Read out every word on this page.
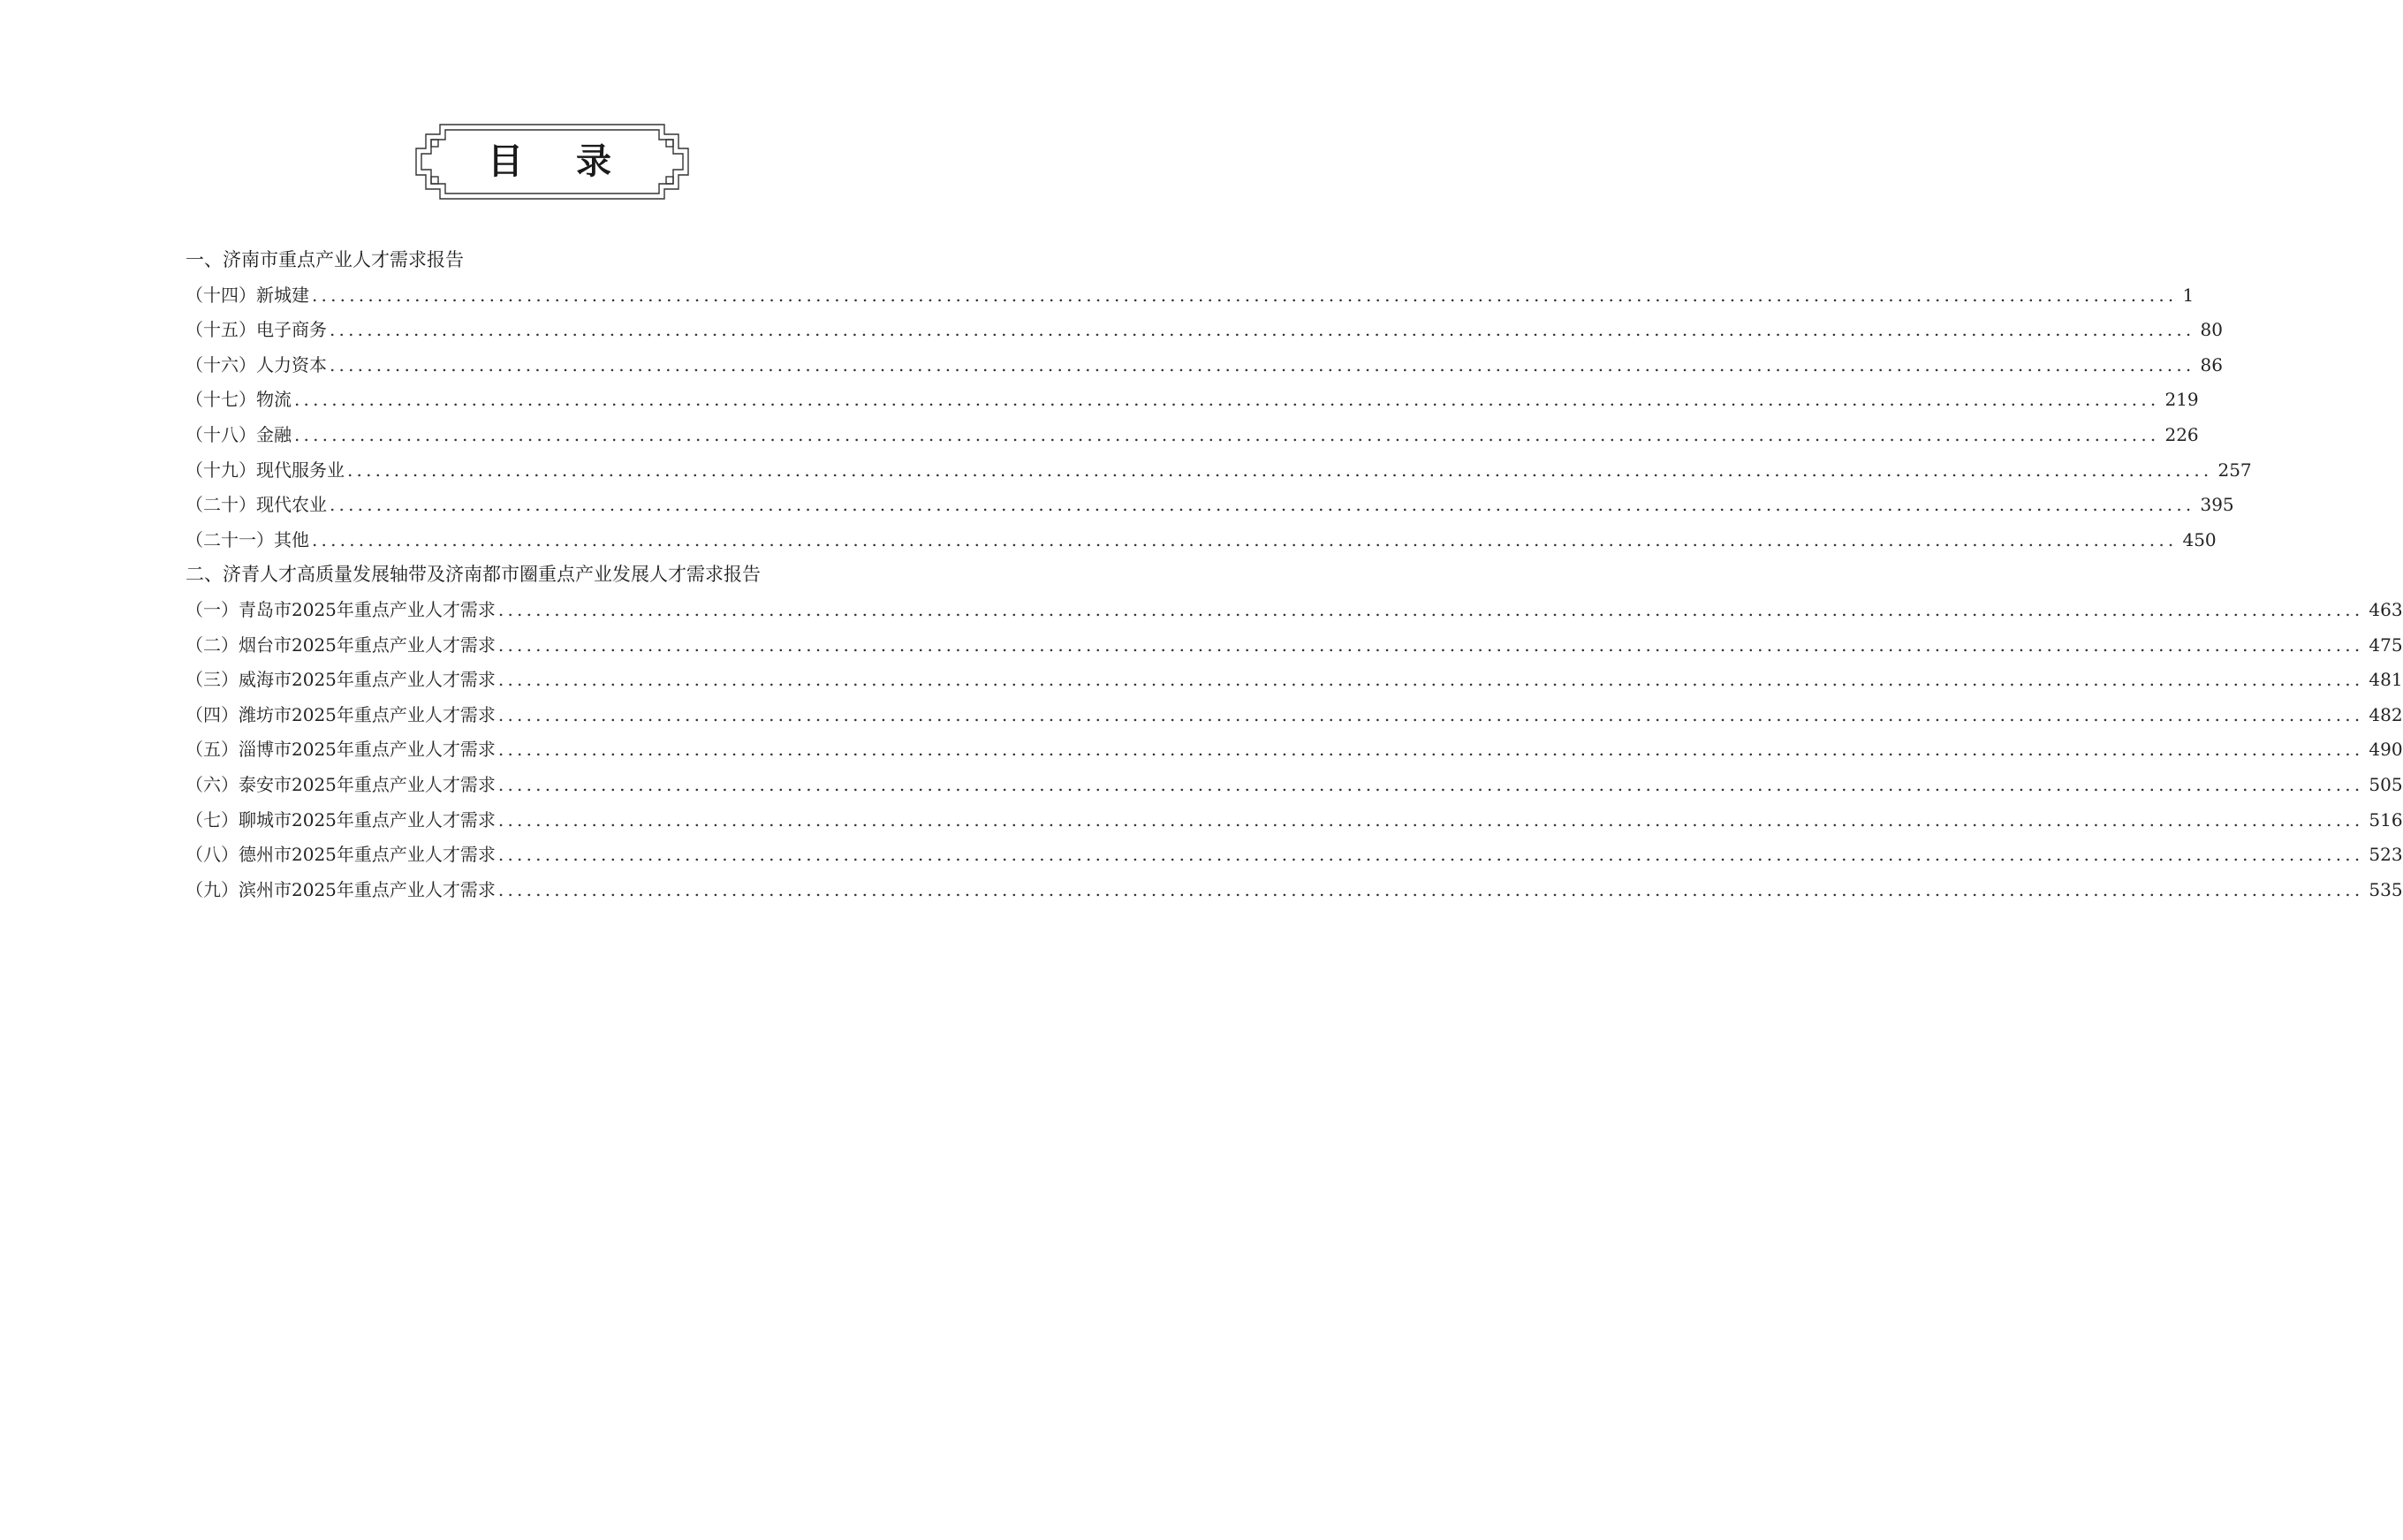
目 录
一、济南市重点产业人才需求报告
（十四）新城建 ........................................................................................................................................................................................................ 1
（十五）电子商务 ........................................................................................................................................................................................................ 80
（十六）人力资本 ........................................................................................................................................................................................................ 86
（十七）物流 ........................................................................................................................................................................................................ 219
（十八）金融 ........................................................................................................................................................................................................ 226
（十九）现代服务业 ........................................................................................................................................................................................................ 257
（二十）现代农业 ........................................................................................................................................................................................................ 395
（二十一）其他 ........................................................................................................................................................................................................ 450
二、济青人才高质量发展轴带及济南都市圈重点产业发展人才需求报告
（一）青岛市2025年重点产业人才需求 ........................................................................................................................................................................................................ 463
（二）烟台市2025年重点产业人才需求 ........................................................................................................................................................................................................ 475
（三）威海市2025年重点产业人才需求 ........................................................................................................................................................................................................ 481
（四）潍坊市2025年重点产业人才需求 ........................................................................................................................................................................................................ 482
（五）淄博市2025年重点产业人才需求 ........................................................................................................................................................................................................ 490
（六）泰安市2025年重点产业人才需求 ........................................................................................................................................................................................................ 505
（七）聊城市2025年重点产业人才需求 ........................................................................................................................................................................................................ 516
（八）德州市2025年重点产业人才需求 ........................................................................................................................................................................................................ 523
（九）滨州市2025年重点产业人才需求 ........................................................................................................................................................................................................ 535
